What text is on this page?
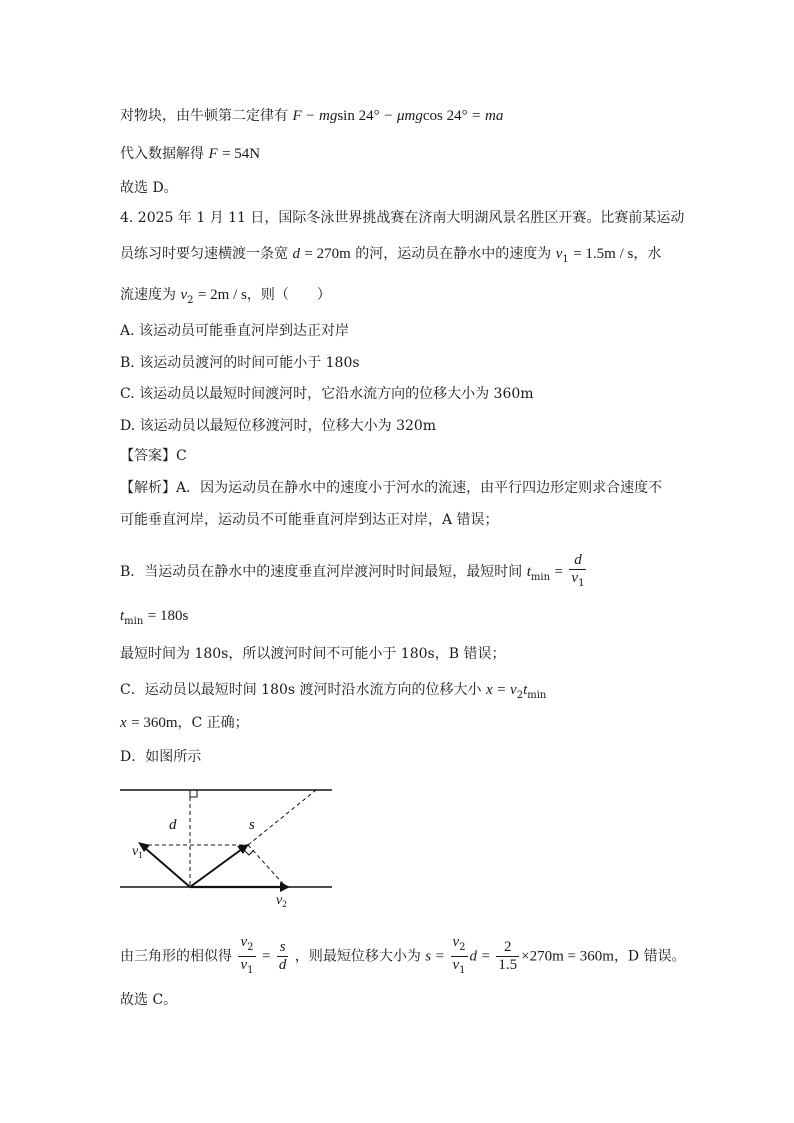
对物块，由牛顿第二定律有 F − mgsin 24° − μmgcos 24° = ma
代入数据解得 F = 54N
故选 D。
4. 2025 年 1 月 11 日，国际冬泳世界挑战赛在济南大明湖风景名胜区开赛。比赛前某运动
员练习时要匀速横渡一条宽 d = 270m 的河，运动员在静水中的速度为 $v_1 = 1.5m / s$，水
流速度为 $v_2 = 2m / s$，则（　　）
A. 该运动员可能垂直河岸到达正对岸
B. 该运动员渡河的时间可能小于 180s
C. 该运动员以最短时间渡河时，它沿水流方向的位移大小为 360m
D. 该运动员以最短位移渡河时，位移大小为 320m
【答案】C
【解析】A．因为运动员在静水中的速度小于河水的流速，由平行四边形定则求合速度不
可能垂直河岸，运动员不可能垂直河岸到达正对岸，A 错误；
B．当运动员在静水中的速度垂直河岸渡河时时间最短，最短时间 $t_{min} = \frac{d}{v_1}$
$t_{min} = 180s$
最短时间为 180s，所以渡河时间不可能小于 180s，B 错误；
C．运动员以最短时间 180s 渡河时沿水流方向的位移大小 $x = v_2t_{min}$
x = 360m，C 正确；
D．如图所示
d	s
$v_1$
$v_2$
由三角形的相似得 $\frac{v_2}{v_1} = \frac{s}{d}$ ，则最短位移大小为 $s = \frac{v_2}{v_1}$ $d = \frac{2}{1.5} \times 270m = 360m$，D 错误。
故选 C。
